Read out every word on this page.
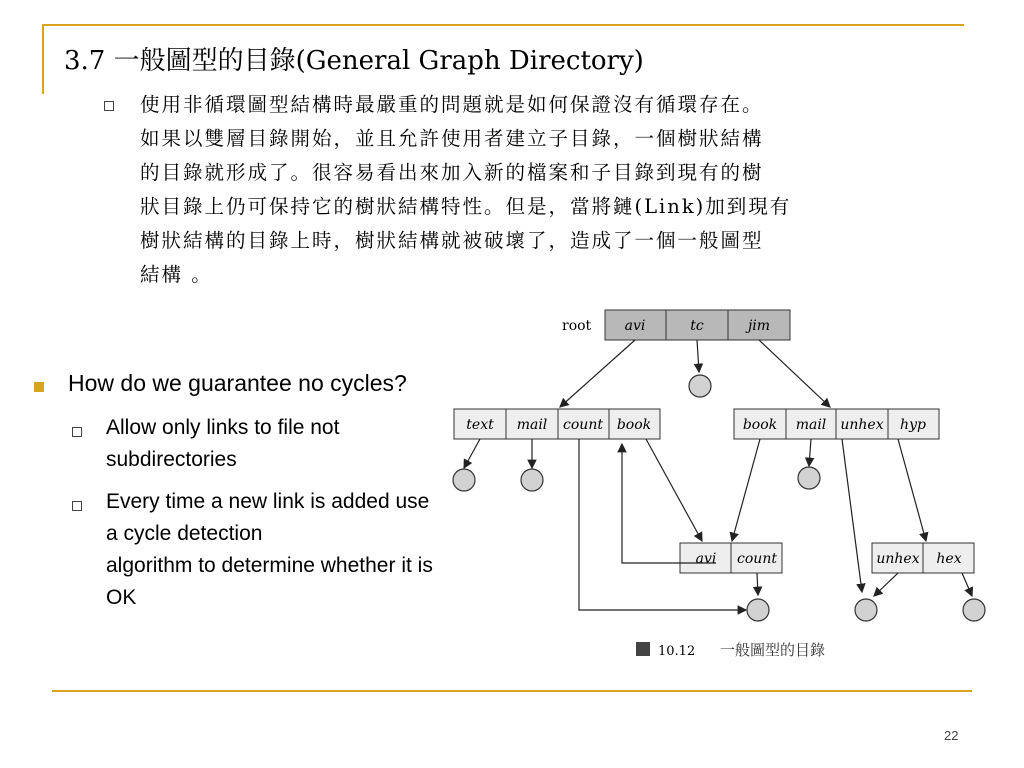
3.7 一般圖型的目錄(General Graph Directory)
使用非循環圖型結構時最嚴重的問題就是如何保證沒有循環存在。
如果以雙層目錄開始，並且允許使用者建立子目錄，一個樹狀結構
的目錄就形成了。很容易看出來加入新的檔案和子目錄到現有的樹
狀目錄上仍可保持它的樹狀結構特性。但是，當將鏈(Link)加到現有
樹狀結構的目錄上時，樹狀結構就被破壞了，造成了一個一般圖型
結構 。
How do we guarantee no cycles?
Allow only links to file not
subdirectories
Every time a new link is added use
a cycle detection
algorithm to determine whether it is
OK
root avi	tc	jim
text mail count book	book mail unhex hyp
avi count	unhex hex
10.12 一般圖型的目錄
22
